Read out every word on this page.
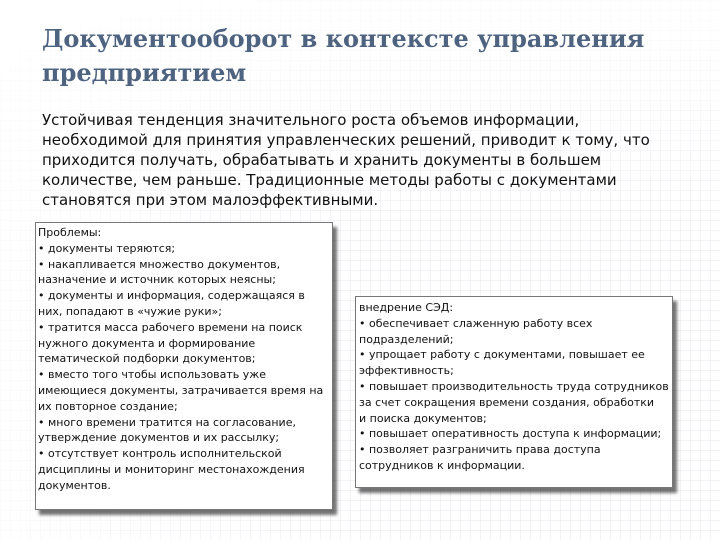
Документооборот в контексте управления
предприятием
Устойчивая тенденция значительного роста объемов информации,
необходимой для принятия управленческих решений, приводит к тому, что
приходится получать, обрабатывать и хранить документы в большем
количестве, чем раньше. Традиционные методы работы с документами
становятся при этом малоэффективными.
Проблемы:
• документы теряются;
• накапливается множество документов,
назначение и источник которых неясны;
• документы и информация, содержащаяся в
них, попадают в «чужие руки»;
• тратится масса рабочего времени на поиск
нужного документа и формирование
тематической подборки документов;
• вместо того чтобы использовать уже
имеющиеся документы, затрачивается время на
их повторное создание;
• много времени тратится на согласование,
утверждение документов и их рассылку;
• отсутствует контроль исполнительской
дисциплины и мониторинг местонахождения
документов.
внедрение СЭД:
• обеспечивает слаженную работу всех
подразделений;
• упрощает работу с документами, повышает ее
эффективность;
• повышает производительность труда сотрудников
за счет сокращения времени создания, обработки
и поиска документов;
• повышает оперативность доступа к информации;
• позволяет разграничить права доступа
сотрудников к информации.
